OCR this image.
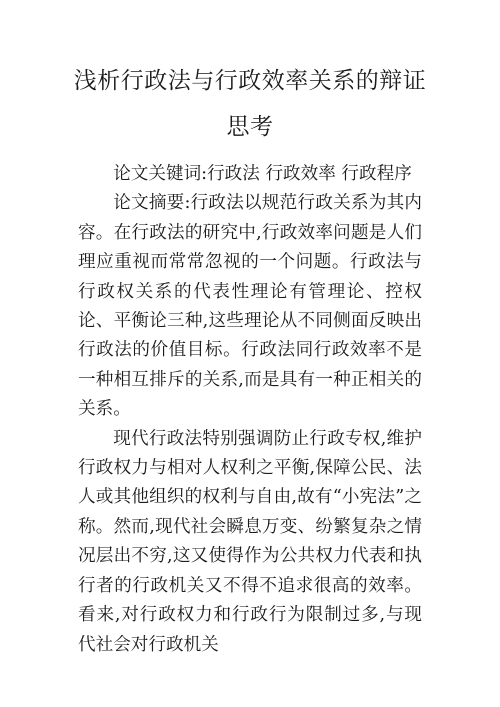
浅析行政法与行政效率关系的辩证
思考

论文关键词:行政法 行政效率 行政程序

论文摘要:行政法以规范行政关系为其内容。在行政法的研究中,行政效率问题是人们理应重视而常常忽视的一个问题。行政法与行政权关系的代表性理论有管理论、控权论、平衡论三种,这些理论从不同侧面反映出行政法的价值目标。行政法同行政效率不是一种相互排斥的关系,而是具有一种正相关的关系。

现代行政法特别强调防止行政专权,维护行政权力与相对人权利之平衡,保障公民、法人或其他组织的权利与自由,故有“小宪法”之称。然而,现代社会瞬息万变、纷繁复杂之情况层出不穷,这又使得作为公共权力代表和执行者的行政机关又不得不追求很高的效率。看来,对行政权力和行政行为限制过多,与现代社会对行政机关
